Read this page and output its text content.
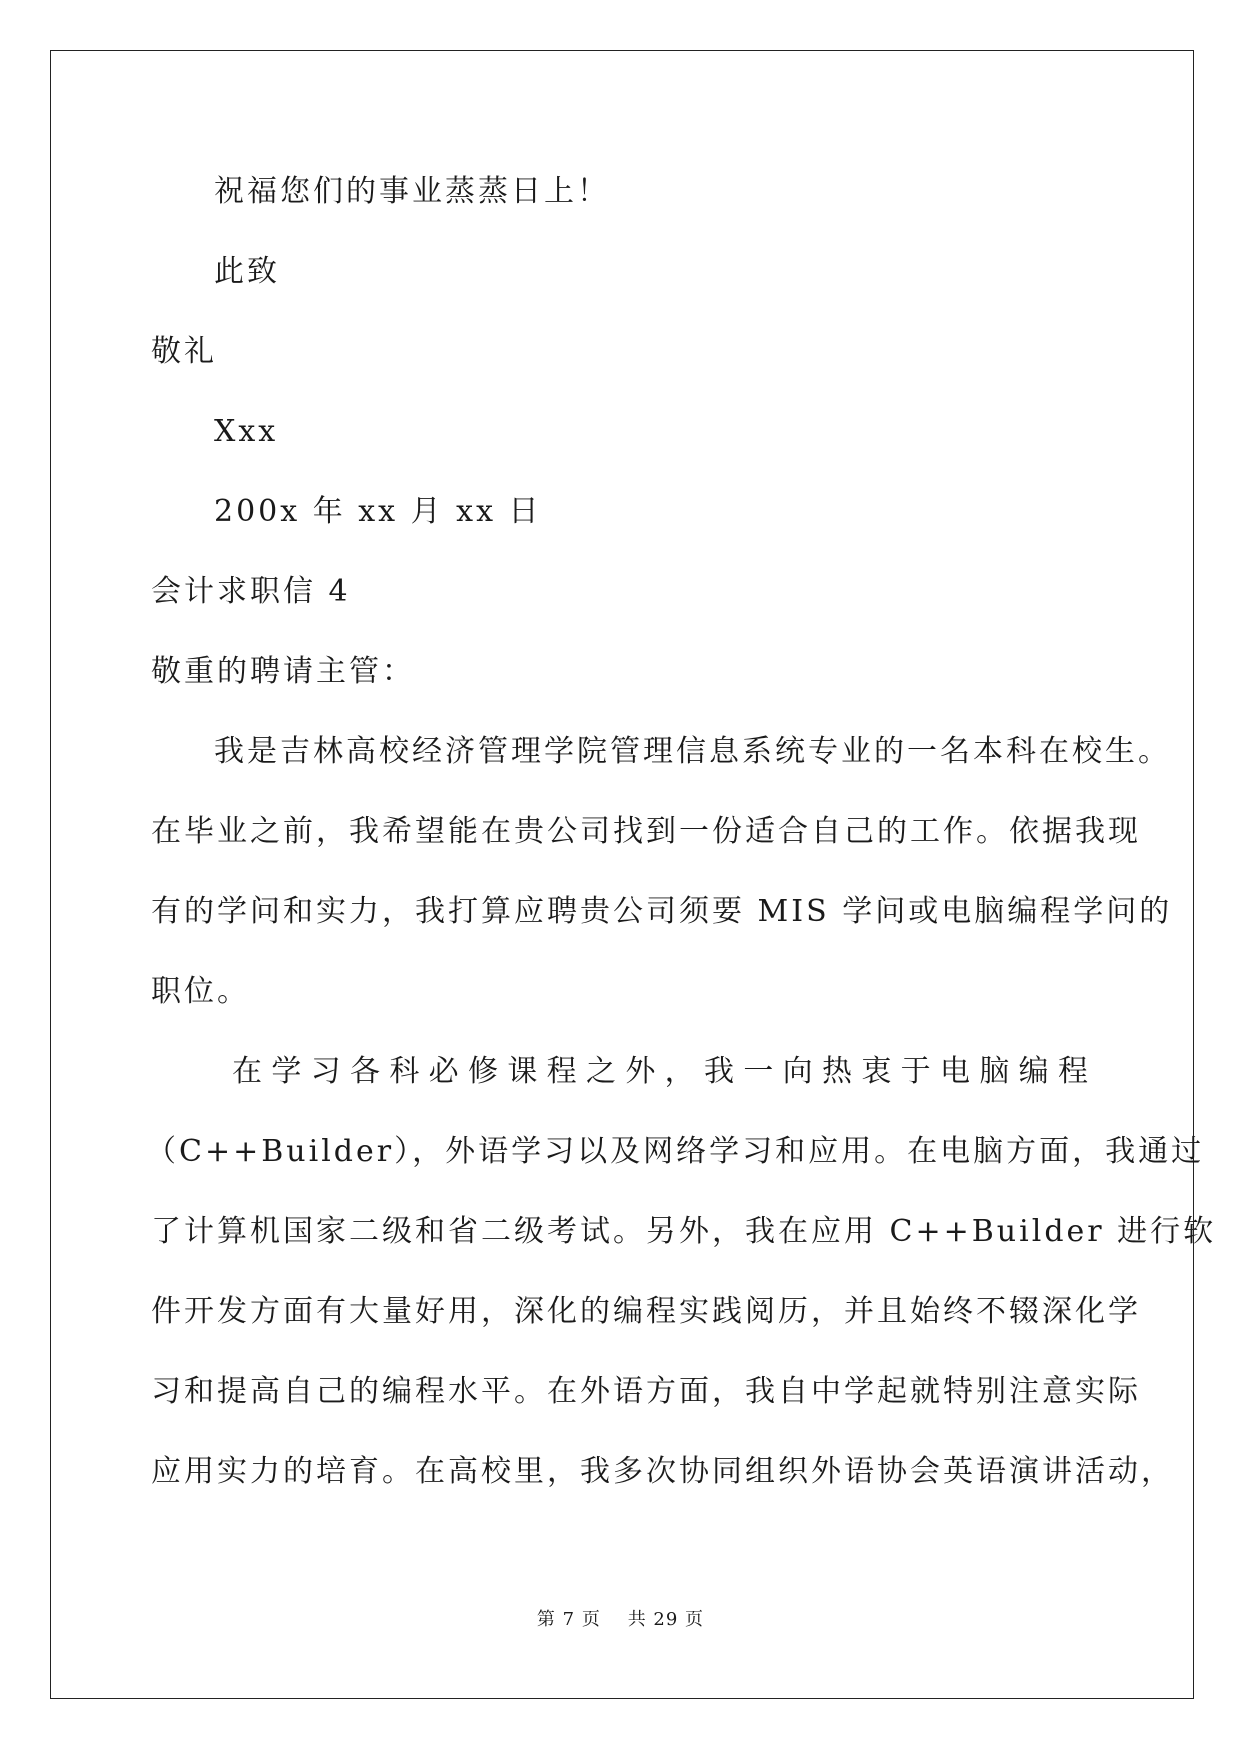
祝福您们的事业蒸蒸日上！
此致
敬礼
Xxx
200x 年 xx 月 xx 日
会计求职信 4
敬重的聘请主管：
我是吉林高校经济管理学院管理信息系统专业的一名本科在校生。
在毕业之前，我希望能在贵公司找到一份适合自己的工作。依据我现
有的学问和实力，我打算应聘贵公司须要 MIS 学问或电脑编程学问的
职位。
在学习各科必修课程之外，我一向热衷于电脑编程
（C++Builder），外语学习以及网络学习和应用。在电脑方面，我通过
了计算机国家二级和省二级考试。另外，我在应用 C++Builder 进行软
件开发方面有大量好用，深化的编程实践阅历，并且始终不辍深化学
习和提高自己的编程水平。在外语方面，我自中学起就特别注意实际
应用实力的培育。在高校里，我多次协同组织外语协会英语演讲活动，
第 7 页    共 29 页
